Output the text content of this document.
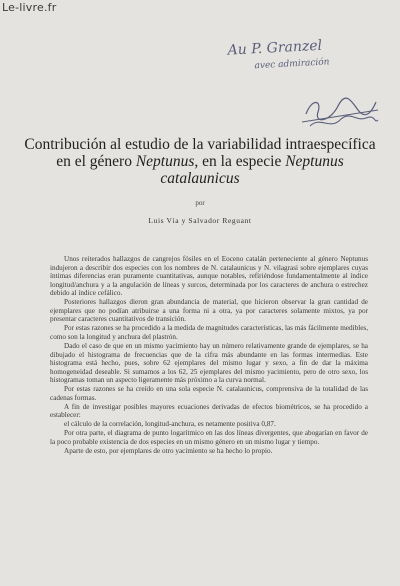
Le-livre.fr
Au P. Granzel
avec admiración
Contribución al estudio de la variabilidad intraespecífica en el género Neptunus, en la especie Neptunus catalaunicus
por
Luis Vía y Salvador Reguant

Unos reiterados hallazgos de cangrejos fósiles en el Eoceno catalán perteneciente al género Neptunus indujeron a describir dos especies con los nombres de N. catalaunicus y N. vilagrasi sobre ejemplares cuyas íntimas diferencias eran puramente cuantitativas, aunque notables, refiriéndose fundamentalmente al índice longitud/anchura y a la angulación de líneas y surcos, determinada por los caracteres de anchura o estrechez debido al índice cefálico.

Posteriores hallazgos dieron gran abundancia de material, que hicieron observar la gran cantidad de ejemplares que no podían atribuirse a una forma ni a otra, ya por caracteres solamente mixtos, ya por presentar caracteres cuantitativos de transición.

Por estas razones se ha procedido a la medida de magnitudes características, las más fácilmente medibles, como son la longitud y anchura del plastrón.

Dado el caso de que en un mismo yacimiento hay un número relativamente grande de ejemplares, se ha dibujado el histograma de frecuencias que de la cifra más abundante en las formas intermedias. Este histograma está hecho, pues, sobre 62 ejemplares del mismo lugar y sexo, a fin de dar la máxima homogeneidad deseable. Si sumamos a los 62, 25 ejemplares del mismo yacimiento, pero de otro sexo, los histogramas toman un aspecto ligeramente más próximo a la curva normal.

Por estas razones se ha creído en una sola especie N. catalaunicus, comprensiva de la totalidad de las cadenas formas.

A fin de investigar posibles mayores ecuaciones derivadas de efectos biométricos, se ha procedido a establecer:

el cálculo de la correlación, longitud-anchura, es netamente positiva 0,87.

Por otra parte, el diagrama de punto logarítmico en las dos líneas divergentes, que abogarían en favor de la poco probable existencia de dos especies en un mismo género en un mismo lugar y tiempo.

Aparte de esto, por ejemplares de otro yacimiento se ha hecho lo propio.
